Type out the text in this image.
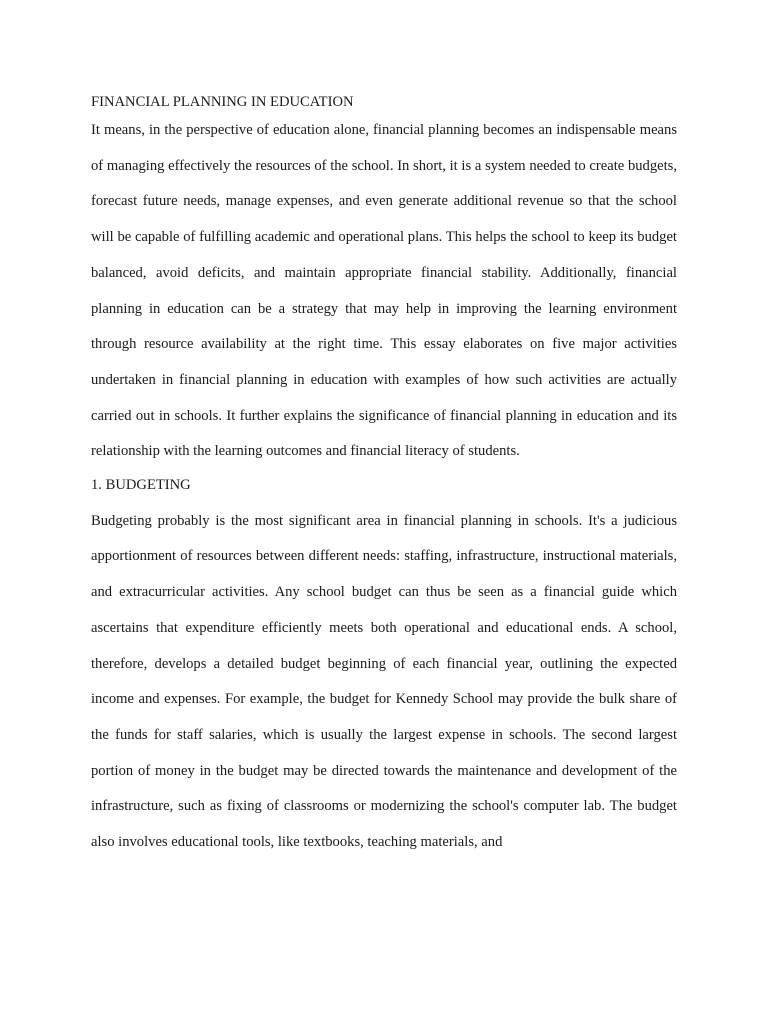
FINANCIAL PLANNING IN EDUCATION

It means, in the perspective of education alone, financial planning becomes an indispensable means of managing effectively the resources of the school. In short, it is a system needed to create budgets, forecast future needs, manage expenses, and even generate additional revenue so that the school will be capable of fulfilling academic and operational plans. This helps the school to keep its budget balanced, avoid deficits, and maintain appropriate financial stability. Additionally, financial planning in education can be a strategy that may help in improving the learning environment through resource availability at the right time. This essay elaborates on five major activities undertaken in financial planning in education with examples of how such activities are actually carried out in schools. It further explains the significance of financial planning in education and its relationship with the learning outcomes and financial literacy of students.

1. BUDGETING

Budgeting probably is the most significant area in financial planning in schools. It's a judicious apportionment of resources between different needs: staffing, infrastructure, instructional materials, and extracurricular activities. Any school budget can thus be seen as a financial guide which ascertains that expenditure efficiently meets both operational and educational ends. A school, therefore, develops a detailed budget beginning of each financial year, outlining the expected income and expenses. For example, the budget for Kennedy School may provide the bulk share of the funds for staff salaries, which is usually the largest expense in schools. The second largest portion of money in the budget may be directed towards the maintenance and development of the infrastructure, such as fixing of classrooms or modernizing the school's computer lab. The budget also involves educational tools, like textbooks, teaching materials, and
